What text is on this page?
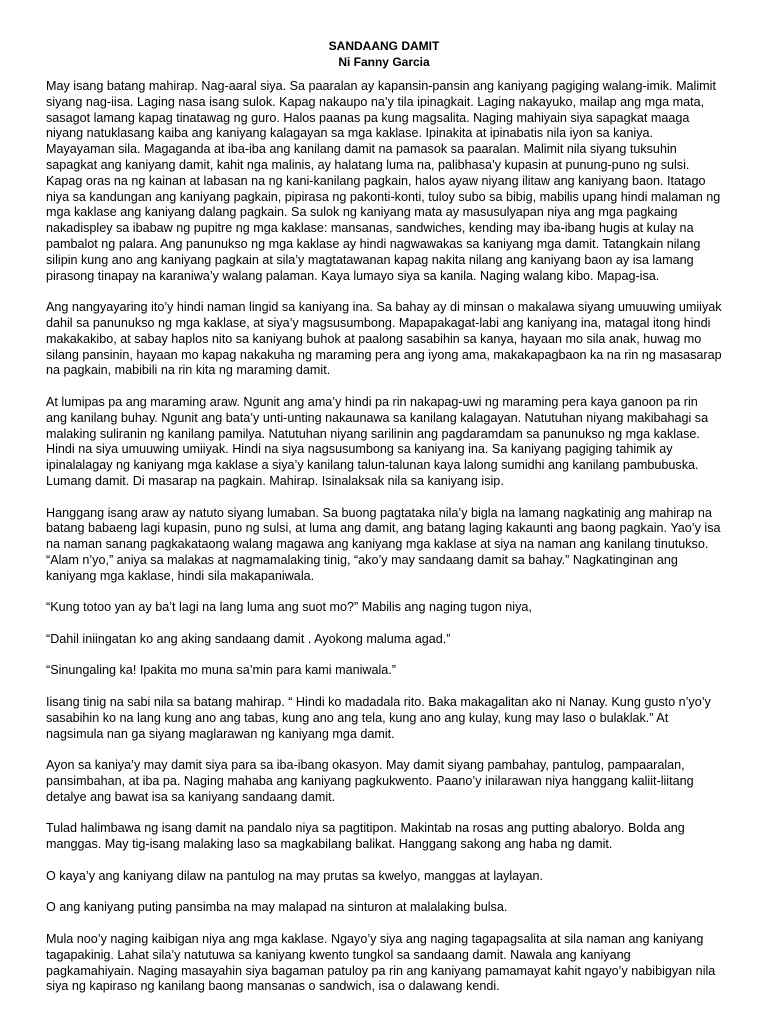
SANDAANG DAMIT
Ni Fanny Garcia

May isang batang mahirap. Nag-aaral siya. Sa paaralan ay kapansin-pansin ang kaniyang pagiging walang-imik. Malimit siyang nag-iisa. Laging nasa isang sulok. Kapag nakaupo na’y tila ipinagkait. Laging nakayuko, mailap ang mga mata, sasagot lamang kapag tinatawag ng guro. Halos paanas pa kung magsalita. Naging mahiyain siya sapagkat maaga niyang natuklasang kaiba ang kaniyang kalagayan sa mga kaklase. Ipinakita at ipinabatis nila iyon sa kaniya. Mayayaman sila. Magaganda at iba-iba ang kanilang damit na pamasok sa paaralan. Malimit nila siyang tuksuhin sapagkat ang kaniyang damit, kahit nga malinis, ay halatang luma na, palibhasa’y kupasin at punung-puno ng sulsi. Kapag oras na ng kainan at labasan na ng kani-kanilang pagkain, halos ayaw niyang ilitaw ang kaniyang baon. Itatago niya sa kandungan ang kaniyang pagkain, pipirasa ng pakonti-konti, tuloy subo sa bibig, mabilis upang hindi malaman ng mga kaklase ang kaniyang dalang pagkain. Sa sulok ng kaniyang mata ay masusulyapan niya ang mga pagkaing nakadispley sa ibabaw ng pupitre ng mga kaklase: mansanas, sandwiches, kending may iba-ibang hugis at kulay na pambalot ng palara. Ang panunukso ng mga kaklase ay hindi nagwawakas sa kaniyang mga damit. Tatangkain nilang silipin kung ano ang kaniyang pagkain at sila’y magtatawanan kapag nakita nilang ang kaniyang baon ay isa lamang pirasong tinapay na karaniwa’y walang palaman. Kaya lumayo siya sa kanila. Naging walang kibo. Mapag-isa.

Ang nangyayaring ito’y hindi naman lingid sa kaniyang ina. Sa bahay ay di minsan o makalawa siyang umuuwing umiiyak dahil sa panunukso ng mga kaklase, at siya’y magsusumbong. Mapapakagat-labi ang kaniyang ina, matagal itong hindi makakakibo, at sabay haplos nito sa kaniyang buhok at paalong sasabihin sa kanya, hayaan mo sila anak, huwag mo silang pansinin, hayaan mo kapag nakakuha ng maraming pera ang iyong ama, makakapagbaon ka na rin ng masasarap na pagkain, mabibili na rin kita ng maraming damit.

At lumipas pa ang maraming araw. Ngunit ang ama’y hindi pa rin nakapag-uwi ng maraming pera kaya ganoon pa rin ang kanilang buhay. Ngunit ang bata’y unti-unting nakaunawa sa kanilang kalagayan. Natutuhan niyang makibahagi sa malaking suliranin ng kanilang pamilya. Natutuhan niyang sarilinin ang pagdaramdam sa panunukso ng mga kaklase. Hindi na siya umuuwing umiiyak. Hindi na siya nagsusumbong sa kaniyang ina. Sa kaniyang pagiging tahimik ay ipinalalagay ng kaniyang mga kaklase a siya’y kanilang talun-talunan kaya lalong sumidhi ang kanilang pambubuska. Lumang damit. Di masarap na pagkain. Mahirap. Isinalaksak nila sa kaniyang isip.

Hanggang isang araw ay natuto siyang lumaban. Sa buong pagtataka nila’y bigla na lamang nagkatinig ang mahirap na batang babaeng lagi kupasin, puno ng sulsi, at luma ang damit, ang batang laging kakaunti ang baong pagkain. Yao’y isa na naman sanang pagkakataong walang magawa ang kaniyang mga kaklase at siya na naman ang kanilang tinutukso.

“Alam n’yo,” aniya sa malakas at nagmamalaking tinig, “ako’y may sandaang damit sa bahay.” Nagkatinginan ang kaniyang mga kaklase, hindi sila makapaniwala.

“Kung totoo yan ay ba’t lagi na lang luma ang suot mo?” Mabilis ang naging tugon niya,

“Dahil iniingatan ko ang aking sandaang damit . Ayokong maluma agad.”

“Sinungaling ka! Ipakita mo muna sa’min para kami maniwala.”

Iisang tinig na sabi nila sa batang mahirap. “ Hindi ko madadala rito. Baka makagalitan ako ni Nanay. Kung gusto n’yo’y sasabihin ko na lang kung ano ang tabas, kung ano ang tela, kung ano ang kulay, kung may laso o bulaklak.” At nagsimula nan ga siyang maglarawan ng kaniyang mga damit.

Ayon sa kaniya’y may damit siya para sa iba-ibang okasyon. May damit siyang pambahay, pantulog, pampaaralan, pansimbahan, at iba pa. Naging mahaba ang kaniyang pagkukwento. Paano’y inilarawan niya hanggang kaliit-liitang detalye ang bawat isa sa kaniyang sandaang damit.

Tulad halimbawa ng isang damit na pandalo niya sa pagtitipon. Makintab na rosas ang putting abaloryo. Bolda ang manggas. May tig-isang malaking laso sa magkabilang balikat. Hanggang sakong ang haba ng damit.

O kaya’y ang kaniyang dilaw na pantulog na may prutas sa kwelyo, manggas at laylayan.

O ang kaniyang puting pansimba na may malapad na sinturon at malalaking bulsa.

Mula noo’y naging kaibigan niya ang mga kaklase. Ngayo’y siya ang naging tagapagsalita at sila naman ang kaniyang tagapakinig. Lahat sila’y natutuwa sa kaniyang kwento tungkol sa sandaang damit. Nawala ang kaniyang pagkamahiyain. Naging masayahin siya bagaman patuloy pa rin ang kaniyang pamamayat kahit ngayo’y nabibigyan nila siya ng kapiraso ng kanilang baong mansanas o sandwich, isa o dalawang kendi.
